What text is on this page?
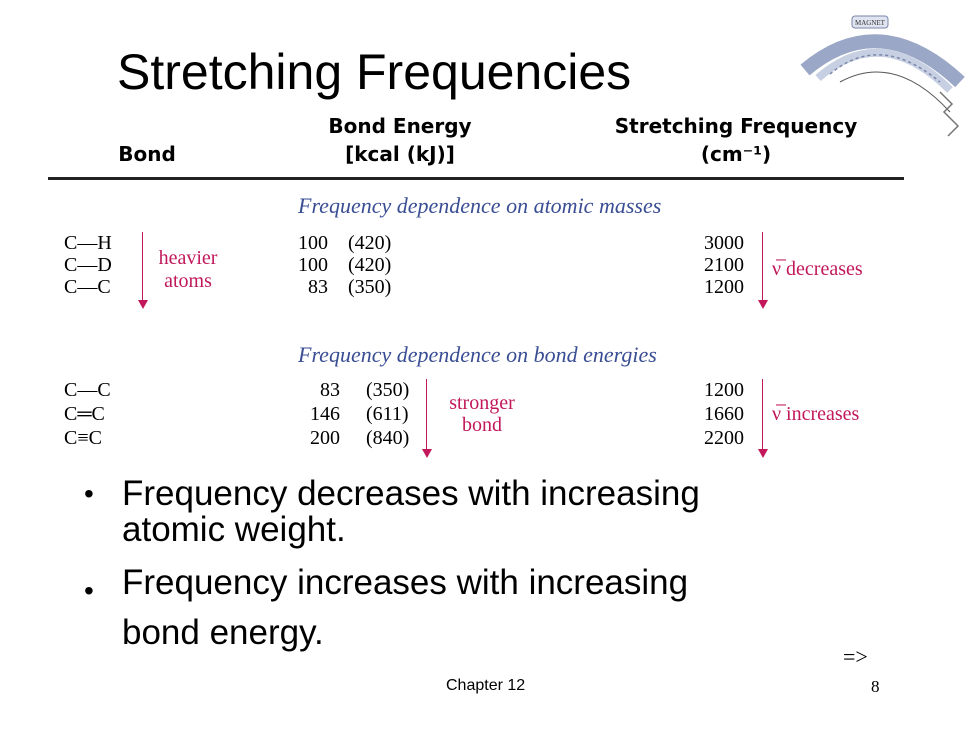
Stretching Frequencies
MAGNET
Bond
Bond Energy
[kcal (kJ)]
Stretching Frequency
(cm⁻¹)
Frequency dependence on atomic masses
C—H
C—D
C—C
heavier
atoms
100
100
83
(420)
(420)
(350)
3000
2100
1200
ν̅ decreases
Frequency dependence on bond energies
C—C
C═C
C≡C
83
146
200
(350)
(611)
(840)
stronger
bond
1200
1660
2200
ν̅ increases
• Frequency decreases with increasing
atomic weight.
• Frequency increases with increasing
bond energy.
=>
Chapter 12	8
